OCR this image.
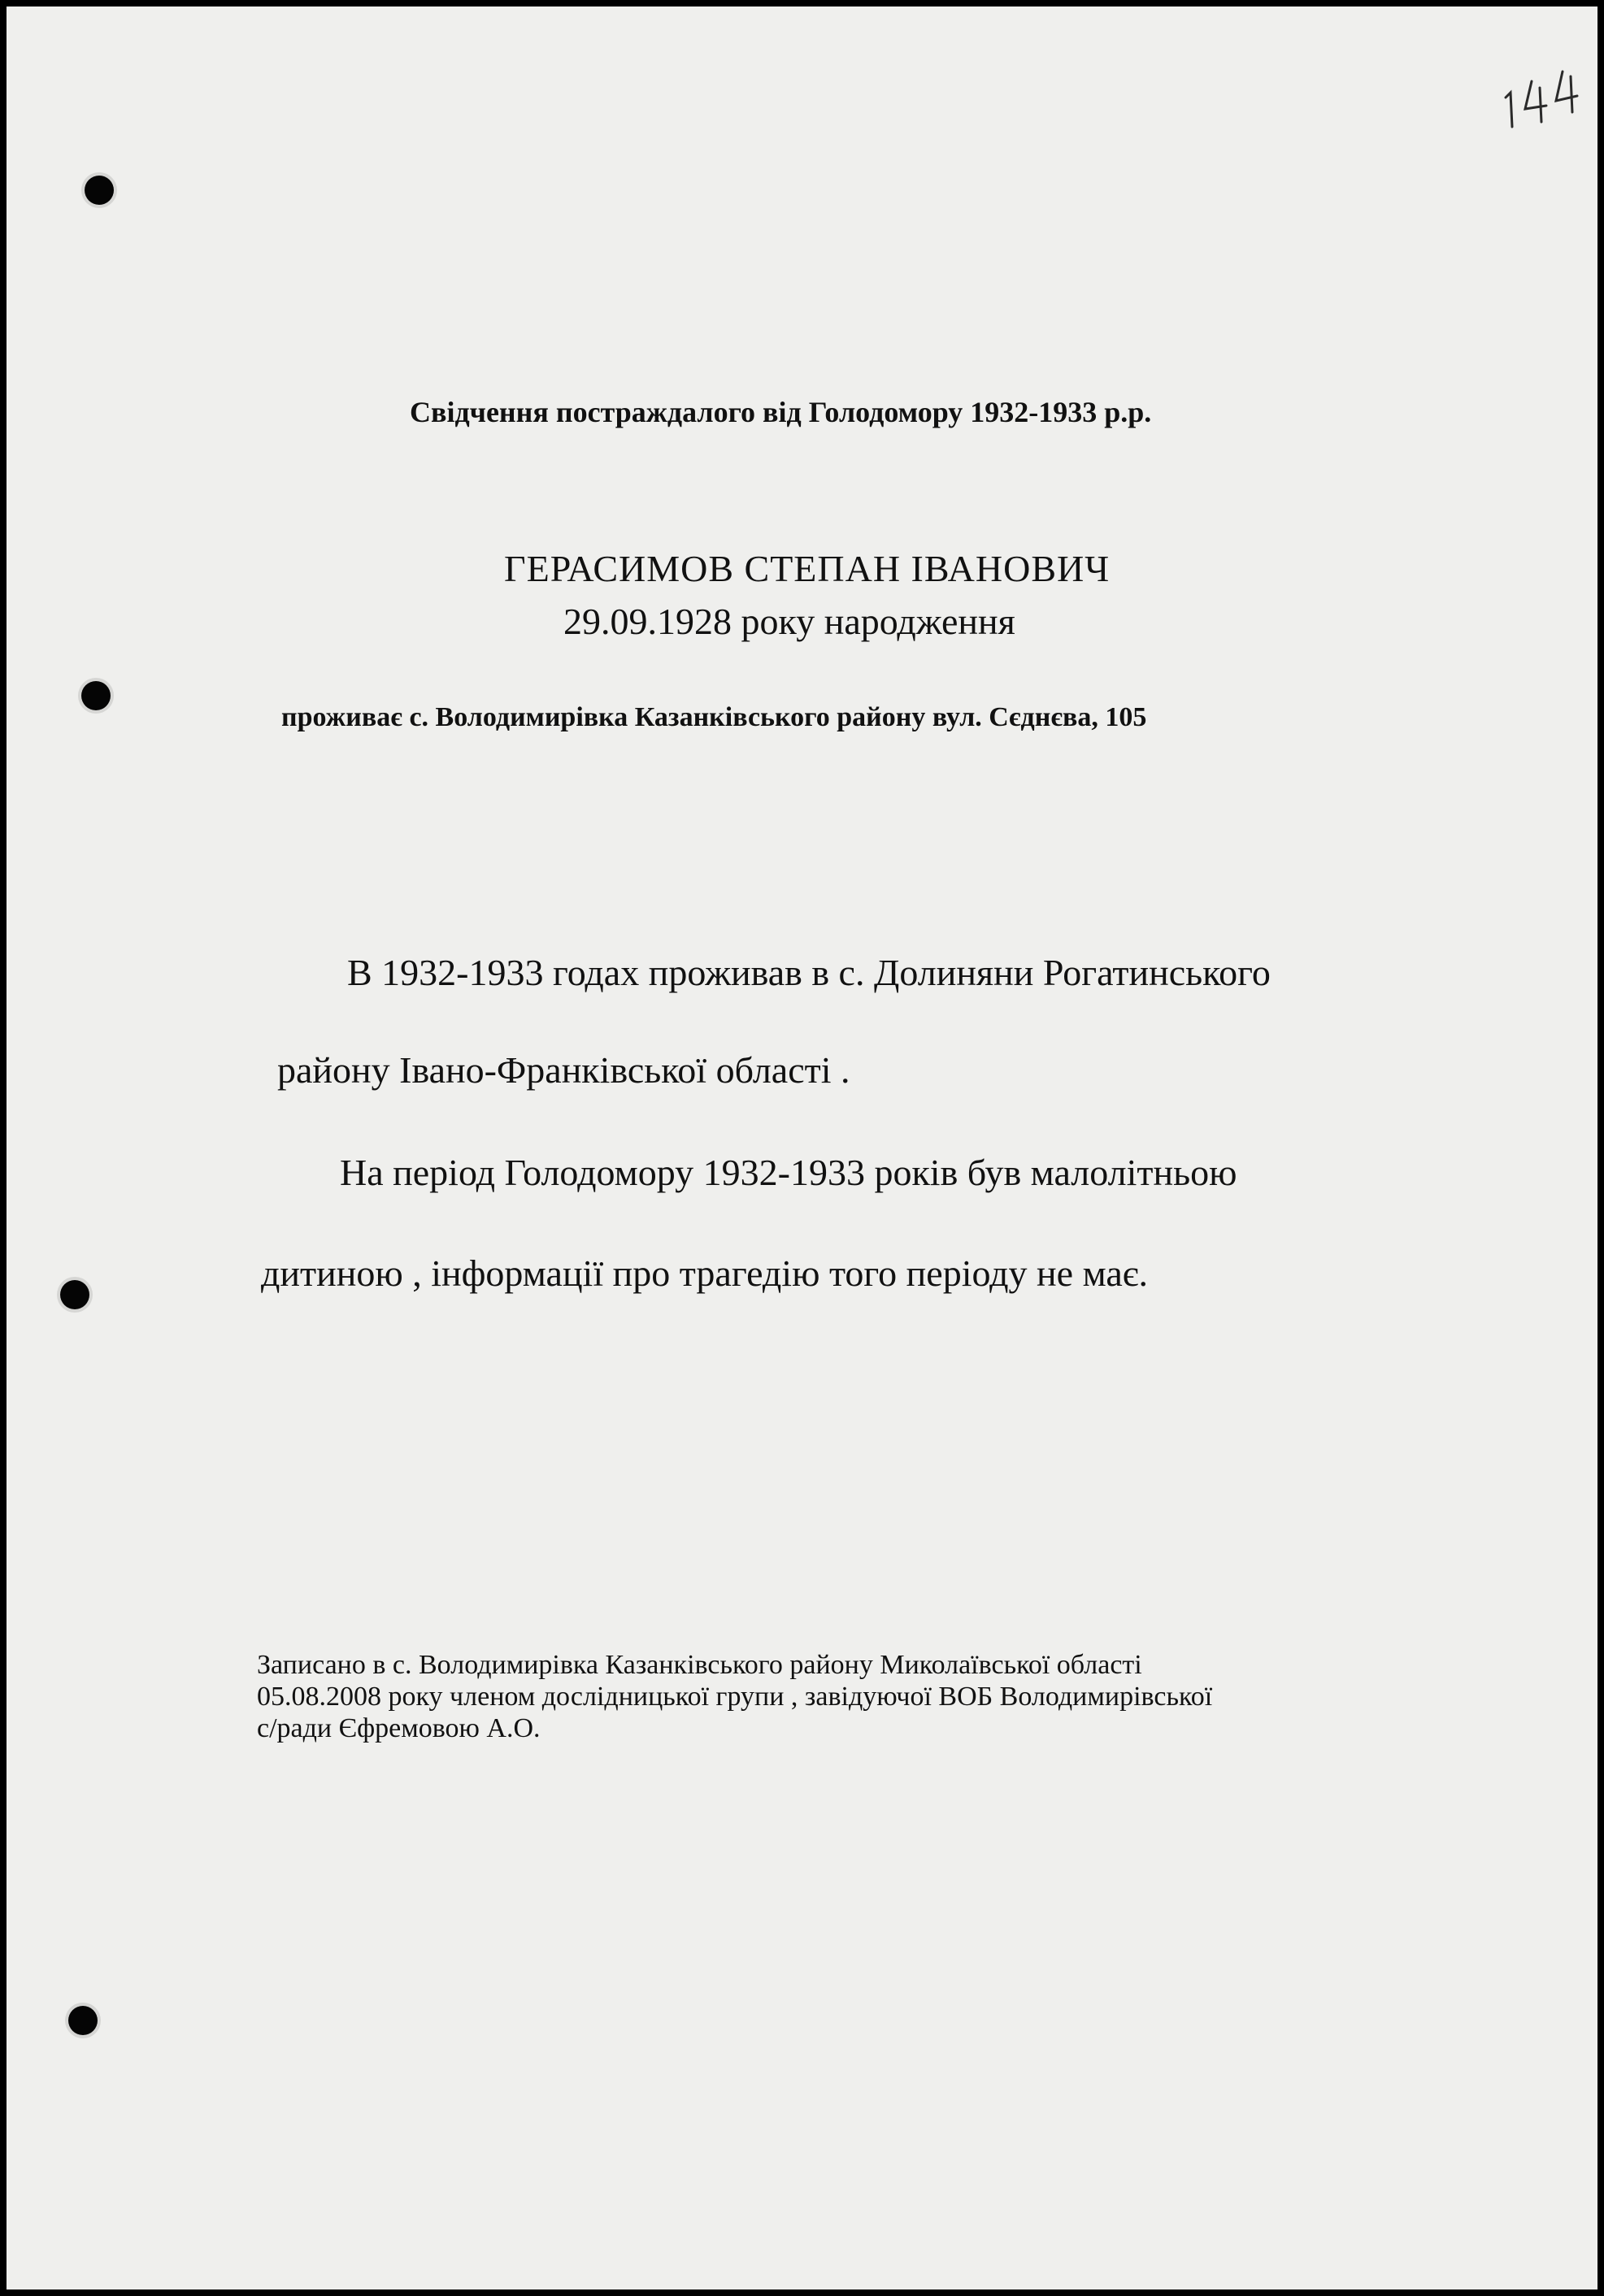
Свідчення постраждалого від Голодомору 1932-1933 р.р.
ГЕРАСИМОВ СТЕПАН ІВАНОВИЧ
29.09.1928 року народження
проживає с. Володимирівка Казанківського району вул. Сєднєва, 105
В 1932-1933 годах проживав в с. Долиняни Рогатинського
району Івано-Франківської області .
На період Голодомору 1932-1933 років був малолітньою
дитиною , інформації про трагедію того періоду не має.
Записано в с. Володимирівка Казанківського району Миколаївської області
05.08.2008 року членом дослідницької групи , завідуючої ВОБ Володимирівської
с/ради Єфремовою А.О.
